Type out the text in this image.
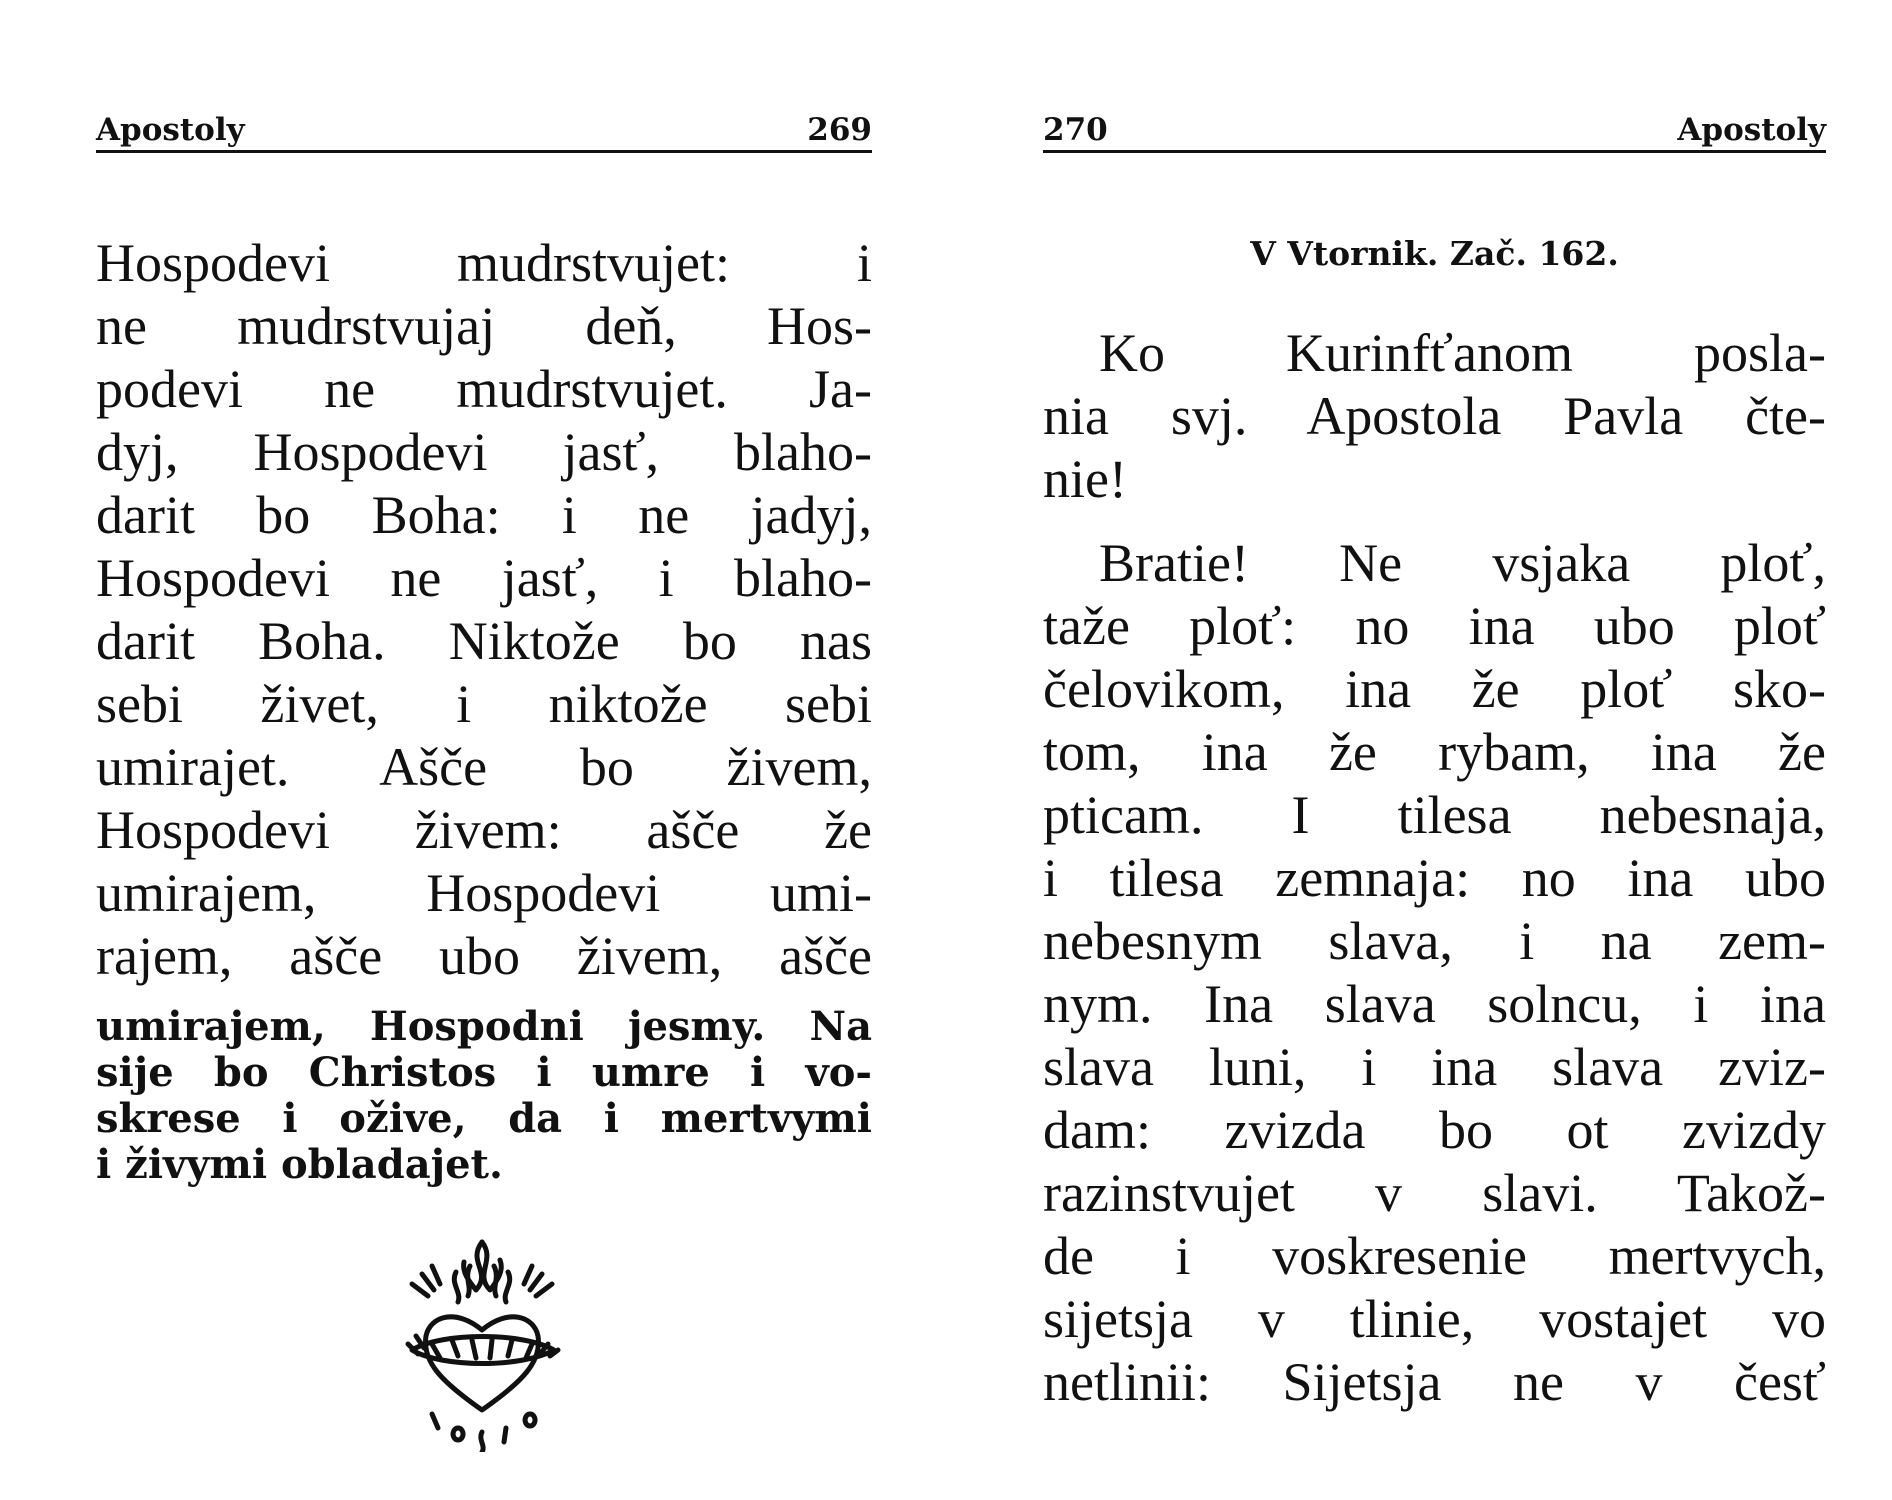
Apostoly	269
Hospodevi mudrstvujet: i
ne mudrstvujaj deň, Hos-
podevi ne mudrstvujet. Ja-
dyj, Hospodevi jasť, blaho-
darit bo Boha: i ne jadyj,
Hospodevi ne jasť, i blaho-
darit Boha. Niktože bo nas
sebi živet, i niktože sebi
umirajet. Ašče bo živem,
Hospodevi živem: ašče že
umirajem, Hospodevi umi-
rajem, ašče ubo živem, ašče
umirajem, Hospodni jesmy. Na
sije bo Christos i umre i vo-
skrese i ožive, da i mertvymi
i živymi obladajet.
270	Apostoly
V Vtornik. Zač. 162.
Ko Kurinfťanom posla-
nia svj. Apostola Pavla čte-
nie!
Bratie! Ne vsjaka ploť,
taže ploť: no ina ubo ploť
čelovikom, ina že ploť sko-
tom, ina že rybam, ina že
pticam. I tilesa nebesnaja,
i tilesa zemnaja: no ina ubo
nebesnym slava, i na zem-
nym. Ina slava solncu, i ina
slava luni, i ina slava zviz-
dam: zvizda bo ot zvizdy
razinstvujet v slavi. Takož-
de i voskresenie mertvych,
sijetsja v tlinie, vostajet vo
netlinii: Sijetsja ne v česť
